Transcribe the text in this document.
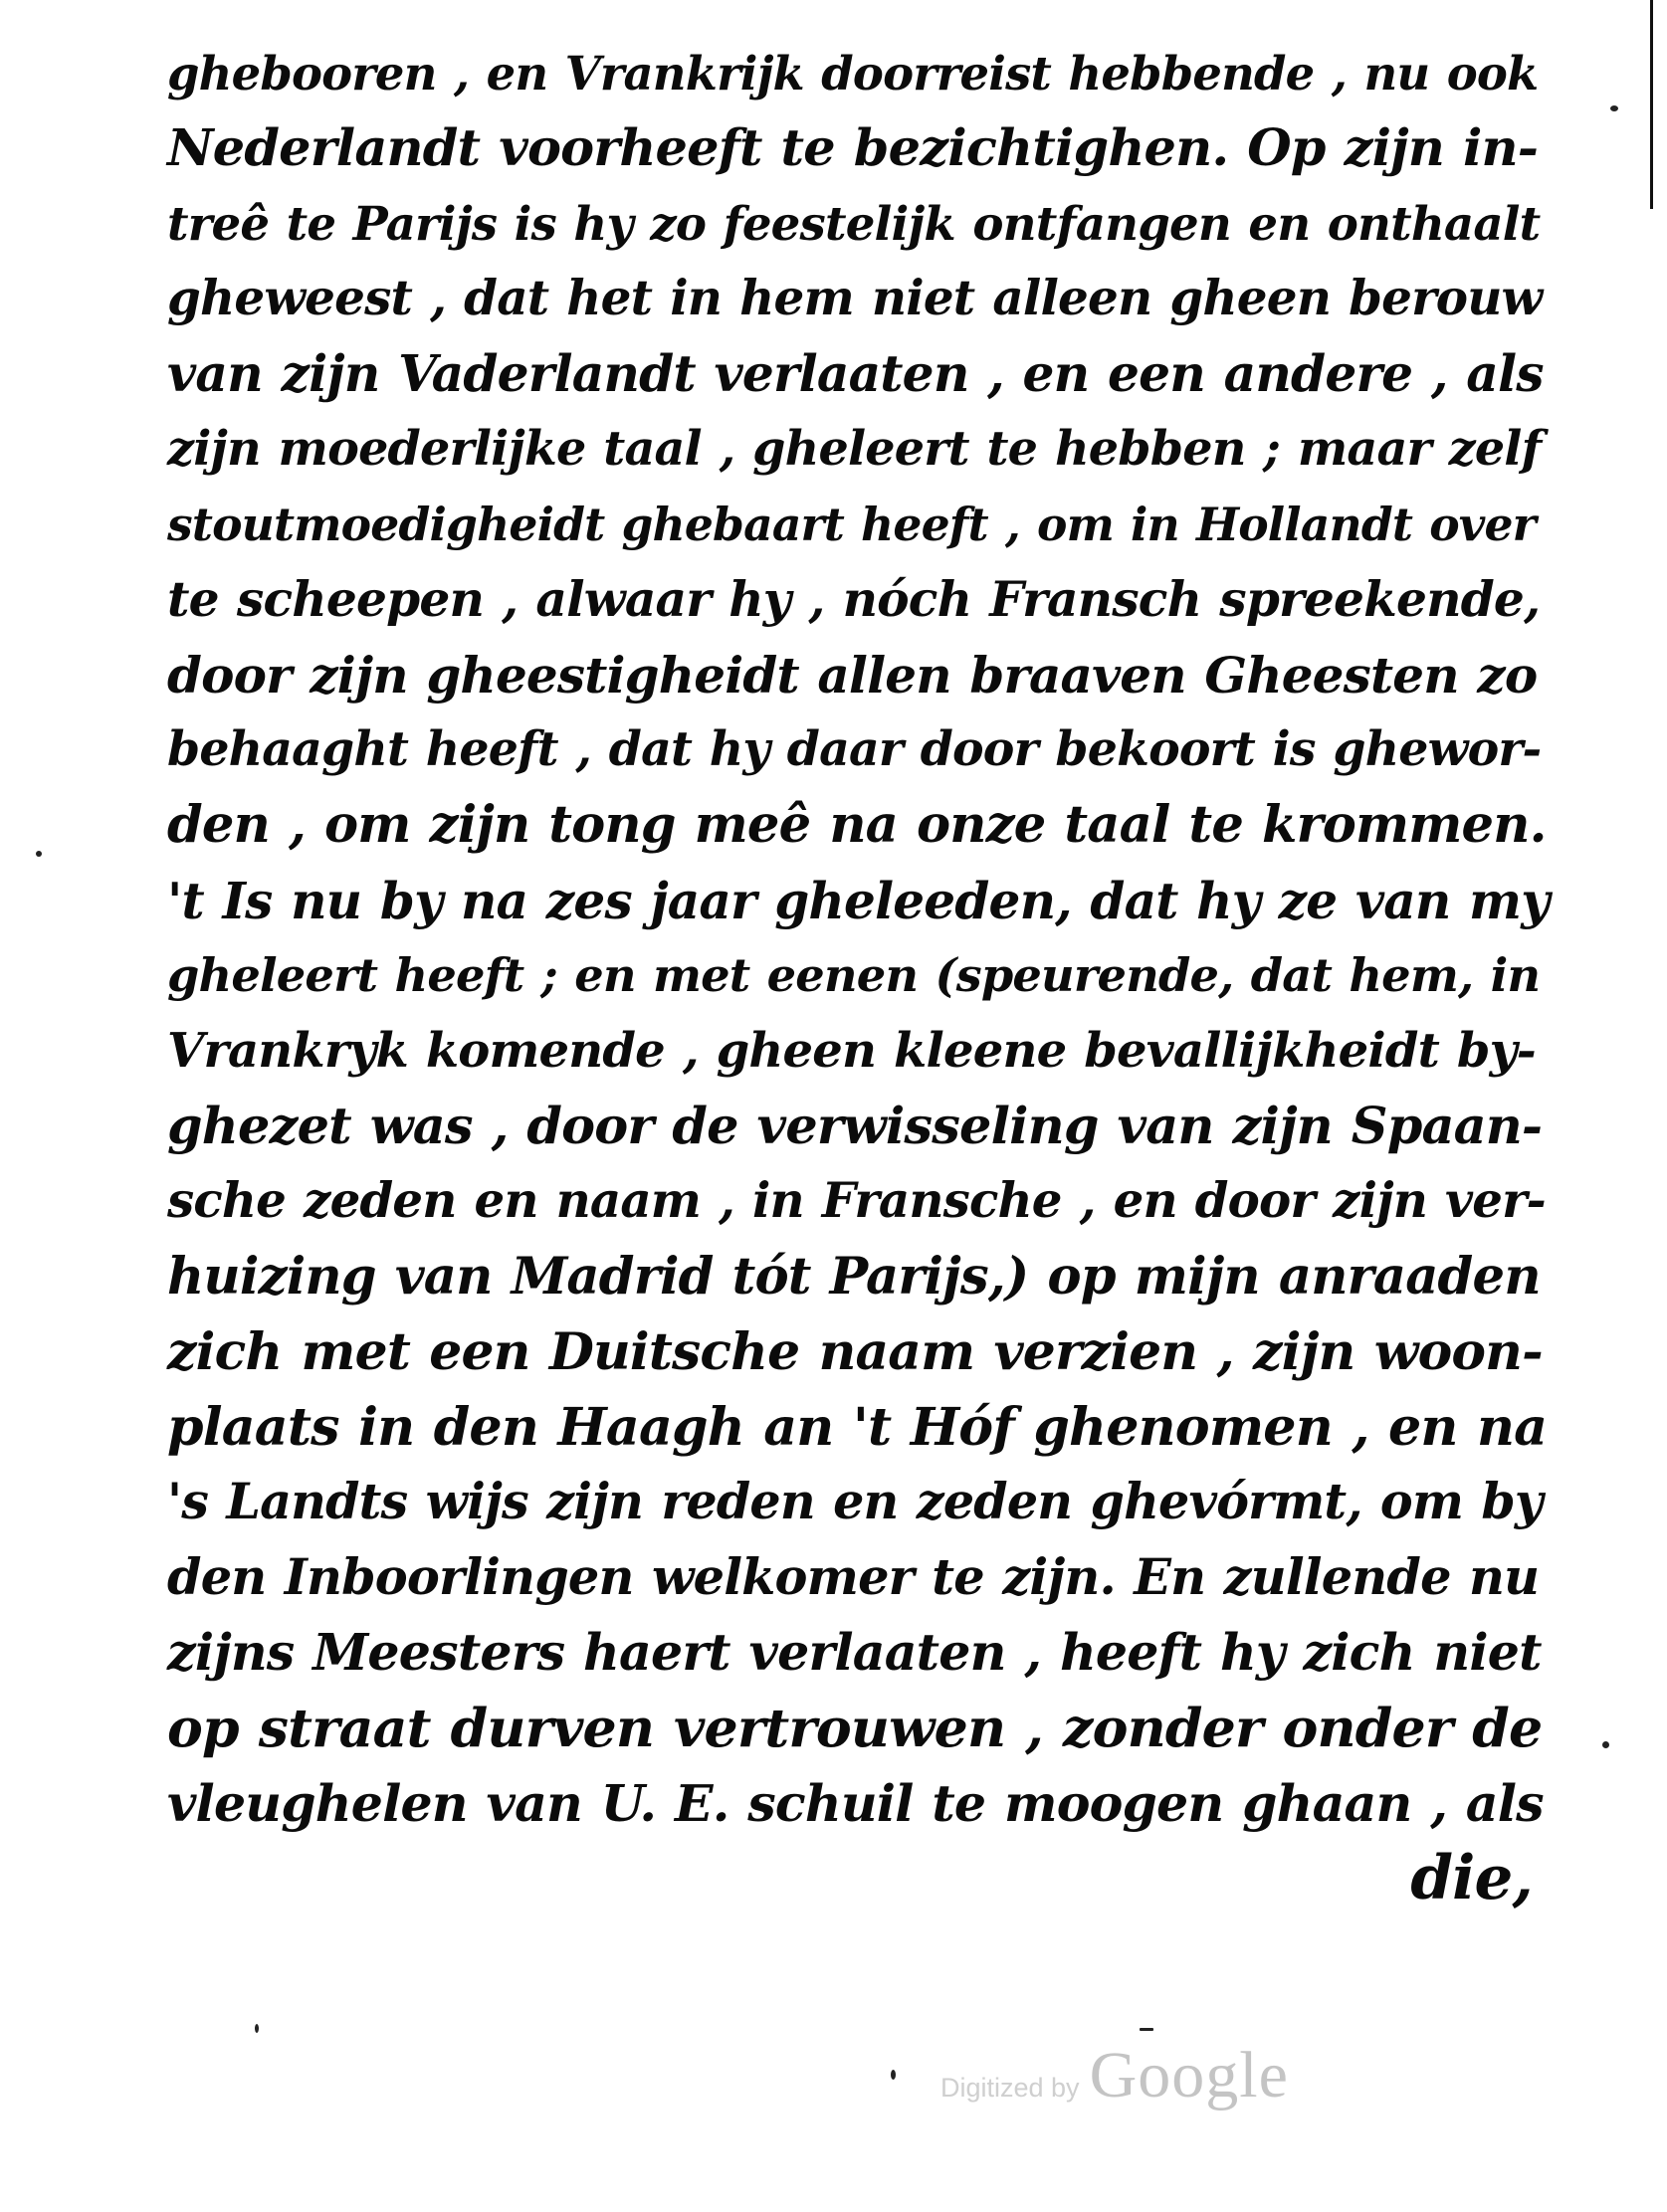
ghebooren , en Vrankrijk doorreist hebbende , nu ook
Nederlandt voorheeft te bezichtighen. Op zijn in-
treê te Parijs is hy zo feestelijk ontfangen en onthaalt
gheweest , dat het in hem niet alleen gheen berouw
van zijn Vaderlandt verlaaten , en een andere , als
zijn moederlijke taal , gheleert te hebben ; maar zelf
stoutmoedigheidt ghebaart heeft , om in Hollandt over
te scheepen , alwaar hy , nóch Fransch spreekende,
door zijn gheestigheidt allen braaven Gheesten zo
behaaght heeft , dat hy daar door bekoort is ghewor-
den , om zijn tong meê na onze taal te krommen.
't Is nu by na zes jaar gheleeden, dat hy ze van my
gheleert heeft ; en met eenen (speurende, dat hem, in
Vrankryk komende , gheen kleene bevallijkheidt by-
ghezet was , door de verwisseling van zijn Spaan-
sche zeden en naam , in Fransche , en door zijn ver-
huizing van Madrid tót Parijs,) op mijn anraaden
zich met een Duitsche naam verzien , zijn woon-
plaats in den Haagh an 't Hóf ghenomen , en na
's Landts wijs zijn reden en zeden ghevórmt, om by
den Inboorlingen welkomer te zijn. En zullende nu
zijns Meesters haert verlaaten , heeft hy zich niet
op straat durven vertrouwen , zonder onder de
vleughelen van U. E. schuil te moogen ghaan , als
die,
Digitized by Google
